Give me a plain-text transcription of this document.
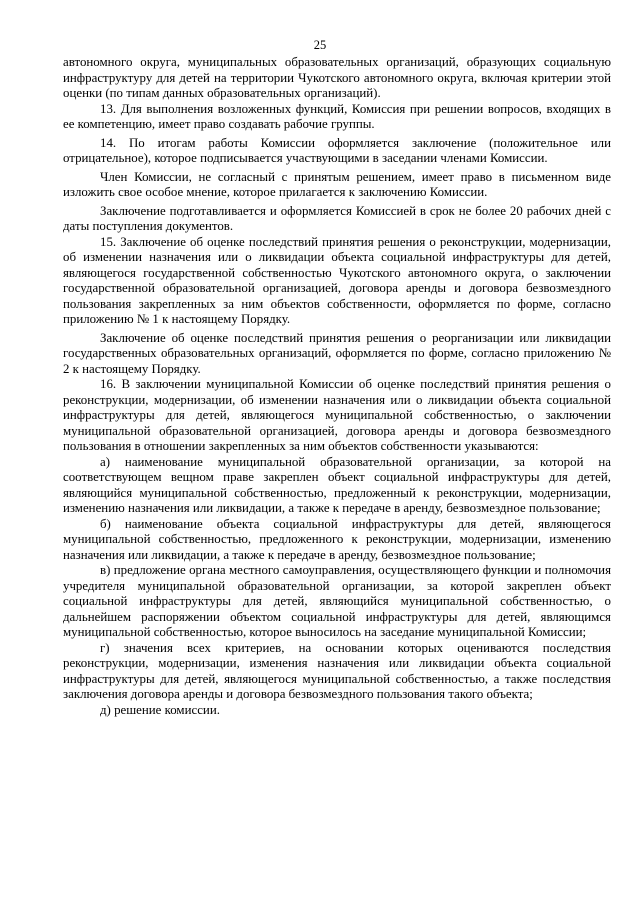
25

автономного округа, муниципальных образовательных организаций, образующих социальную инфраструктуру для детей на территории Чукотского автономного округа, включая критерии этой оценки (по типам данных образовательных организаций).

13. Для выполнения возложенных функций, Комиссия при решении вопросов, входящих в ее компетенцию, имеет право создавать рабочие группы.

14. По итогам работы Комиссии оформляется заключение (положительное или отрицательное), которое подписывается участвующими в заседании членами Комиссии.

Член Комиссии, не согласный с принятым решением, имеет право в письменном виде изложить свое особое мнение, которое прилагается к заключению Комиссии.

Заключение подготавливается и оформляется Комиссией в срок не более 20 рабочих дней с даты поступления документов.

15. Заключение об оценке последствий принятия решения о реконструкции, модернизации, об изменении назначения или о ликвидации объекта социальной инфраструктуры для детей, являющегося государственной собственностью Чукотского автономного округа, о заключении государственной образовательной организацией, договора аренды и договора безвозмездного пользования закрепленных за ним объектов собственности, оформляется по форме, согласно приложению № 1 к настоящему Порядку.

Заключение об оценке последствий принятия решения о реорганизации или ликвидации государственных образовательных организаций, оформляется по форме, согласно приложению № 2 к настоящему Порядку.

16. В заключении муниципальной Комиссии об оценке последствий принятия решения о реконструкции, модернизации, об изменении назначения или о ликвидации объекта социальной инфраструктуры для детей, являющегося муниципальной собственностью, о заключении муниципальной образовательной организацией, договора аренды и договора безвозмездного пользования в отношении закрепленных за ним объектов собственности указываются:

а) наименование муниципальной образовательной организации, за которой на соответствующем вещном праве закреплен объект социальной инфраструктуры для детей, являющийся муниципальной собственностью, предложенный к реконструкции, модернизации, изменению назначения или ликвидации, а также к передаче в аренду, безвозмездное пользование;

б) наименование объекта социальной инфраструктуры для детей, являющегося муниципальной собственностью, предложенного к реконструкции, модернизации, изменению назначения или ликвидации, а также к передаче в аренду, безвозмездное пользование;

в) предложение органа местного самоуправления, осуществляющего функции и полномочия учредителя муниципальной образовательной организации, за которой закреплен объект социальной инфраструктуры для детей, являющийся муниципальной собственностью, о дальнейшем распоряжении объектом социальной инфраструктуры для детей, являющимся муниципальной собственностью, которое выносилось на заседание муниципальной Комиссии;

г) значения всех критериев, на основании которых оцениваются последствия реконструкции, модернизации, изменения назначения или ликвидации объекта социальной инфраструктуры для детей, являющегося муниципальной собственностью, а также последствия заключения договора аренды и договора безвозмездного пользования такого объекта;

д) решение комиссии.
